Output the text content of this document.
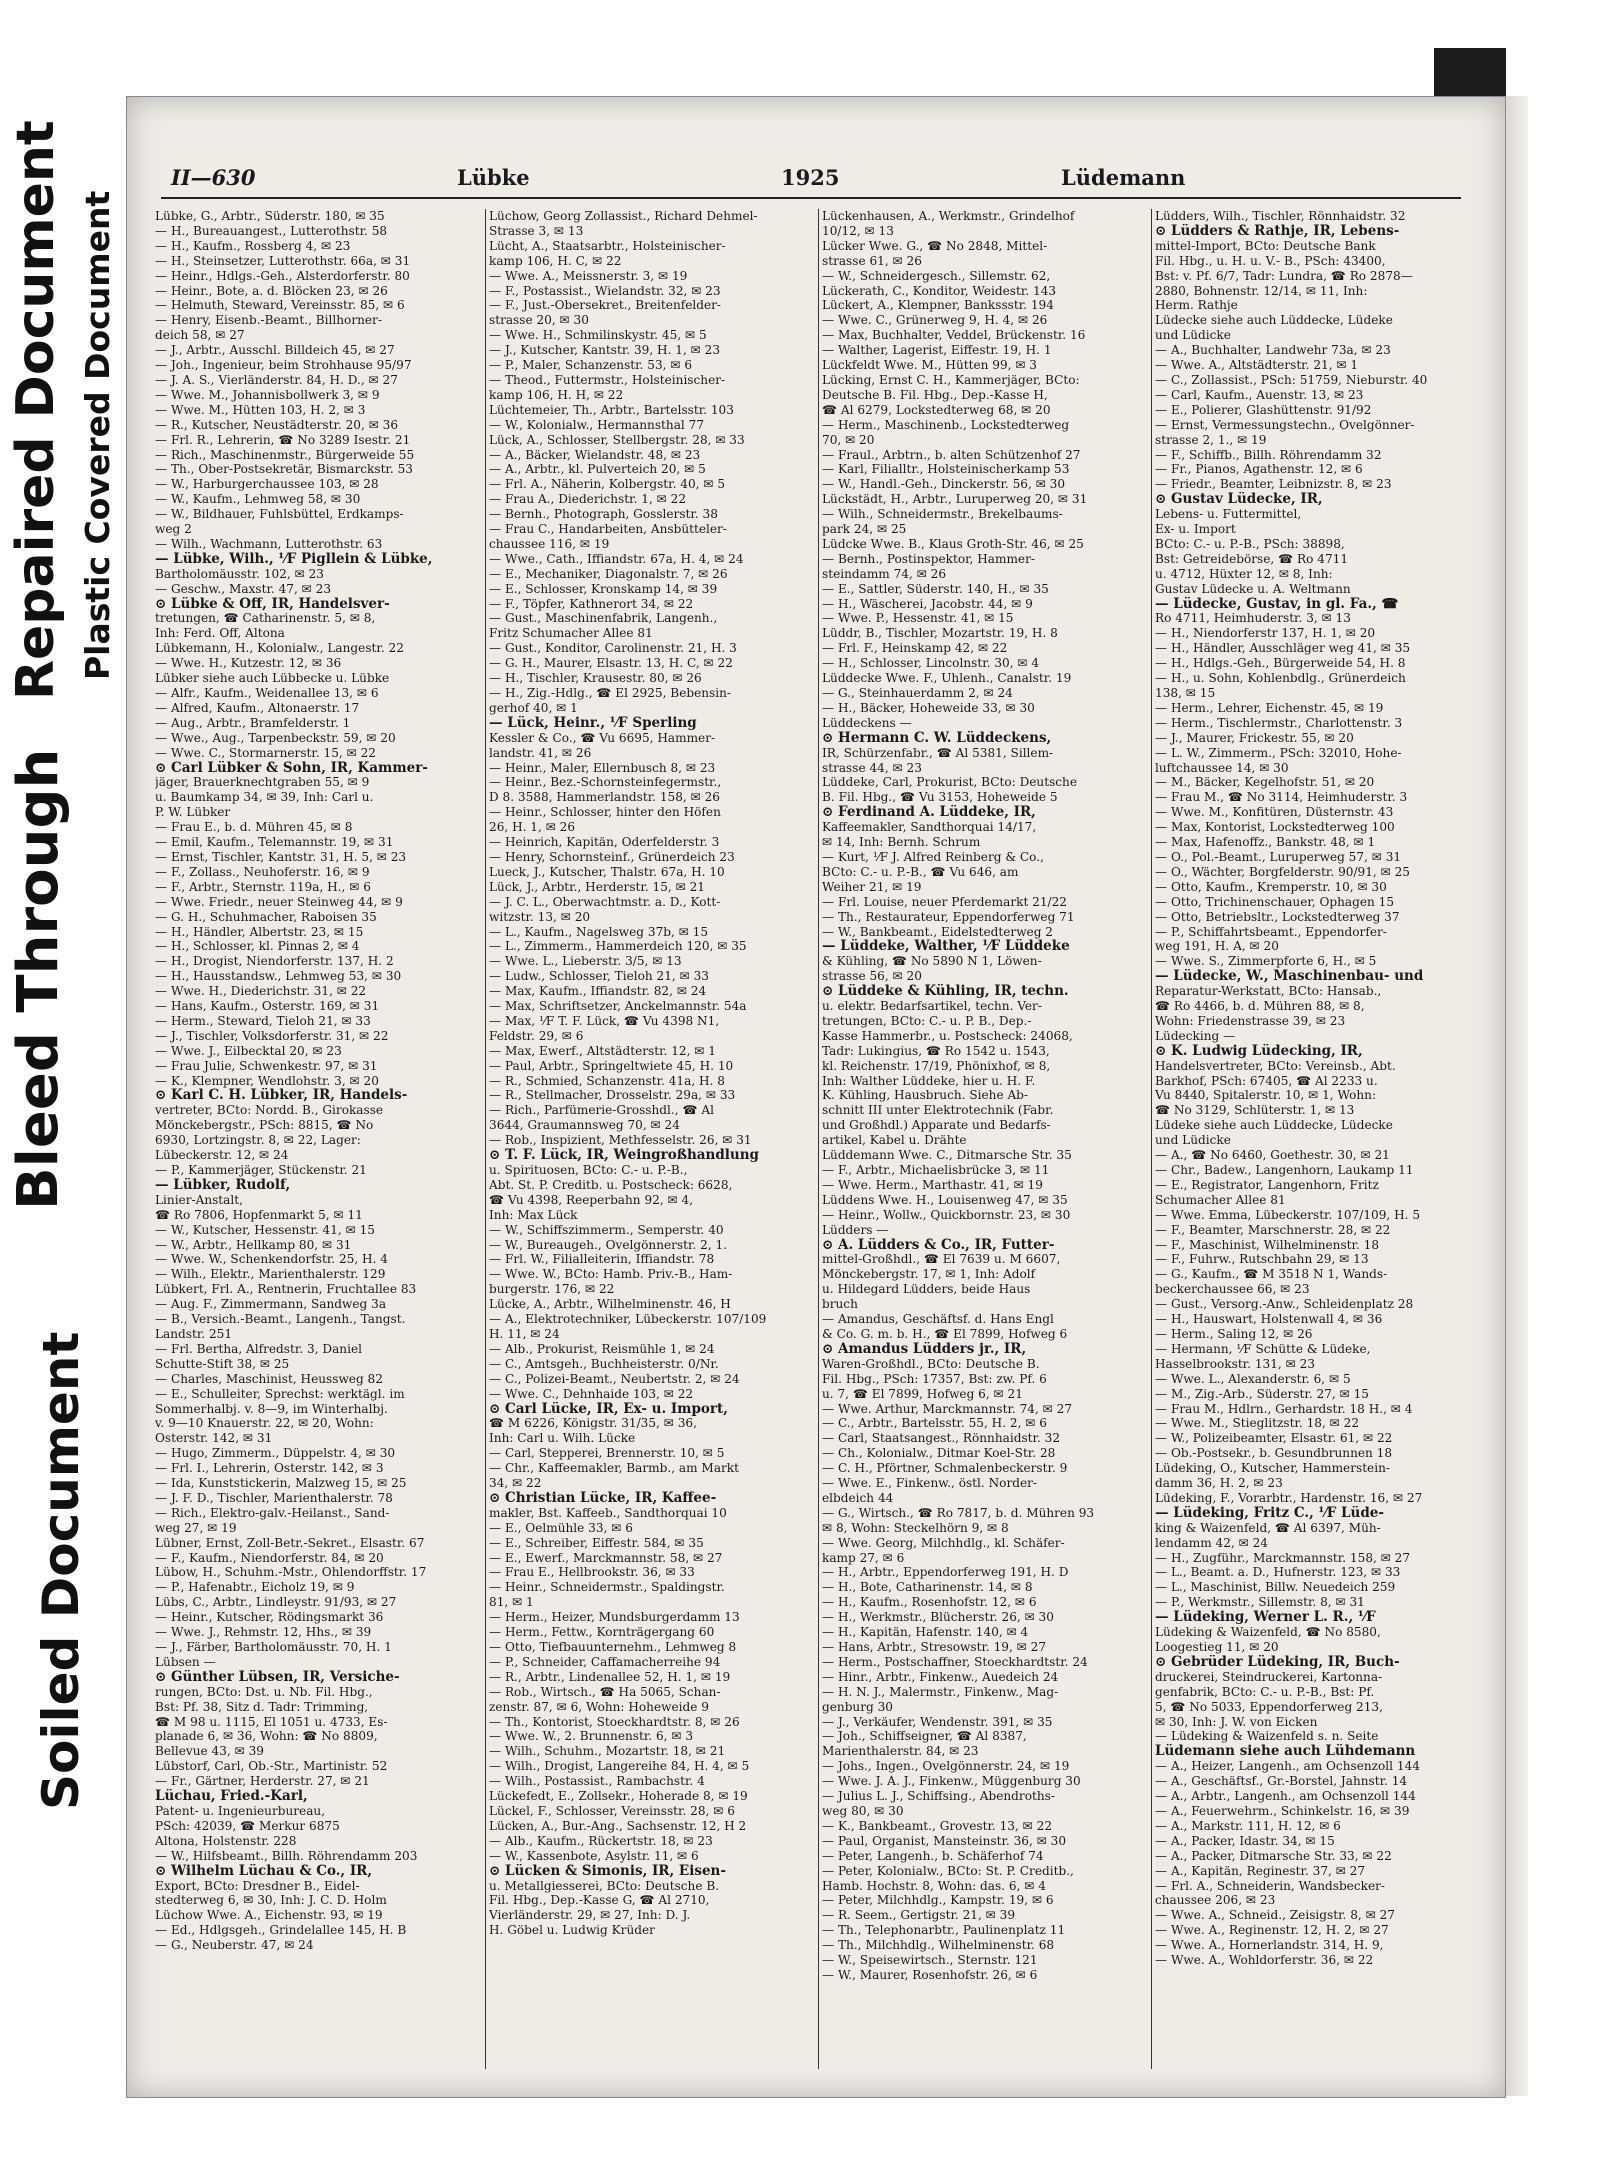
Repaired Document Plastic Covered Document
Bleed Through
Soiled Document
II—630	Lübke	1925	Lüdemann

Lübke, G., Arbtr., Süderstr. 180, ✉ 35

— H., Bureauangest., Lutterothstr. 58

— H., Kaufm., Rossberg 4, ✉ 23

— H., Steinsetzer, Lutterothstr. 66a, ✉ 31

— Heinr., Hdlgs.-Geh., Alsterdorferstr. 80

— Heinr., Bote, a. d. Blöcken 23, ✉ 26

— Helmuth, Steward, Vereinsstr. 85, ✉ 6

— Henry, Eisenb.-Beamt., Billhorner-

deich 58, ✉ 27

— J., Arbtr., Ausschl. Billdeich 45, ✉ 27

— Joh., Ingenieur, beim Strohhause 95/97

— J. A. S., Vierländerstr. 84, H. D., ✉ 27

— Wwe. M., Johannisbollwerk 3, ✉ 9

— Wwe. M., Hütten 103, H. 2, ✉ 3

— R., Kutscher, Neustädterstr. 20, ✉ 36

— Frl. R., Lehrerin, ☎ No 3289 Isestr. 21

— Rich., Maschinenmstr., Bürgerweide 55

— Th., Ober-Postsekretär, Bismarckstr. 53

— W., Harburgerchaussee 103, ✉ 28

— W., Kaufm., Lehmweg 58, ✉ 30

— W., Bildhauer, Fuhlsbüttel, Erdkamps-

weg 2

— Wilh., Wachmann, Lutterothstr. 63

— Lübke, Wilh., ⅟F Pigllein & Lübke,

Bartholomäusstr. 102, ✉ 23

— Geschw., Maxstr. 47, ✉ 23

⊙ Lübke & Off, IR, Handelsver-

tretungen, ☎ Catharinenstr. 5, ✉ 8,

Inh: Ferd. Off, Altona

Lübkemann, H., Kolonialw., Langestr. 22

— Wwe. H., Kutzestr. 12, ✉ 36

Lübker siehe auch Lübbecke u. Lübke

— Alfr., Kaufm., Weidenallee 13, ✉ 6

— Alfred, Kaufm., Altonaerstr. 17

— Aug., Arbtr., Bramfelderstr. 1

— Wwe., Aug., Tarpenbeckstr. 59, ✉ 20

— Wwe. C., Stormarnerstr. 15, ✉ 22

⊙ Carl Lübker & Sohn, IR, Kammer-

jäger, Brauerknechtgraben 55, ✉ 9

u. Baumkamp 34, ✉ 39, Inh: Carl u.

P. W. Lübker

— Frau E., b. d. Mühren 45, ✉ 8

— Emil, Kaufm., Telemannstr. 19, ✉ 31

— Ernst, Tischler, Kantstr. 31, H. 5, ✉ 23

— F., Zollass., Neuhoferstr. 16, ✉ 9

— F., Arbtr., Sternstr. 119a, H., ✉ 6

— Wwe. Friedr., neuer Steinweg 44, ✉ 9

— G. H., Schuhmacher, Raboisen 35

— H., Händler, Albertstr. 23, ✉ 15

— H., Schlosser, kl. Pinnas 2, ✉ 4

— H., Drogist, Niendorferstr. 137, H. 2

— H., Hausstandsw., Lehmweg 53, ✉ 30

— Wwe. H., Diederichstr. 31, ✉ 22

— Hans, Kaufm., Osterstr. 169, ✉ 31

— Herm., Steward, Tieloh 21, ✉ 33

— J., Tischler, Volksdorferstr. 31, ✉ 22

— Wwe. J., Eilbecktal 20, ✉ 23

— Frau Julie, Schwenkestr. 97, ✉ 31

— K., Klempner, Wendlohstr. 3, ✉ 20

⊙ Karl C. H. Lübker, IR, Handels-

vertreter, BCto: Nordd. B., Girokasse

Mönckebergstr., PSch: 8815, ☎ No

6930, Lortzingstr. 8, ✉ 22, Lager:

Lübeckerstr. 12, ✉ 24

— P., Kammerjäger, Stückenstr. 21

— Lübker, Rudolf,

Linier-Anstalt,

☎ Ro 7806, Hopfenmarkt 5, ✉ 11

— W., Kutscher, Hessenstr. 41, ✉ 15

— W., Arbtr., Hellkamp 80, ✉ 31

— Wwe. W., Schenkendorfstr. 25, H. 4

— Wilh., Elektr., Marienthalerstr. 129

Lübkert, Frl. A., Rentnerin, Fruchtallee 83

— Aug. F., Zimmermann, Sandweg 3a

— B., Versich.-Beamt., Langenh., Tangst.

Landstr. 251

— Frl. Bertha, Alfredstr. 3, Daniel

Schutte-Stift 38, ✉ 25

— Charles, Maschinist, Heussweg 82

— E., Schulleiter, Sprechst: werktägl. im

Sommerhalbj. v. 8—9, im Winterhalbj.

v. 9—10 Knauerstr. 22, ✉ 20, Wohn:

Osterstr. 142, ✉ 31

— Hugo, Zimmerm., Düppelstr. 4, ✉ 30

— Frl. I., Lehrerin, Osterstr. 142, ✉ 3

— Ida, Kunststickerin, Malzweg 15, ✉ 25

— J. F. D., Tischler, Marienthalerstr. 78

— Rich., Elektro-galv.-Heilanst., Sand-

weg 27, ✉ 19

Lübner, Ernst, Zoll-Betr.-Sekret., Elsastr. 67

— F., Kaufm., Niendorferstr. 84, ✉ 20

Lübow, H., Schuhm.-Mstr., Ohlendorffstr. 17

— P., Hafenabtr., Eicholz 19, ✉ 9

Lübs, C., Arbtr., Lindleystr. 91/93, ✉ 27

— Heinr., Kutscher, Rödingsmarkt 36

— Wwe. J., Rehmstr. 12, Hhs., ✉ 39

— J., Färber, Bartholomäusstr. 70, H. 1

Lübsen —

⊙ Günther Lübsen, IR, Versiche-

rungen, BCto: Dst. u. Nb. Fil. Hbg.,

Bst: Pf. 38, Sitz d. Tadr: Trimming,

☎ M 98 u. 1115, El 1051 u. 4733, Es-

planade 6, ✉ 36, Wohn: ☎ No 8809,

Bellevue 43, ✉ 39

Lübstorf, Carl, Ob.-Str., Martinistr. 52

— Fr., Gärtner, Herderstr. 27, ✉ 21

Lüchau, Fried.-Karl,

Patent- u. Ingenieurbureau,

PSch: 42039, ☎ Merkur 6875

Altona, Holstenstr. 228

— W., Hilfsbeamt., Billh. Röhrendamm 203

⊙ Wilhelm Lüchau & Co., IR,

Export, BCto: Dresdner B., Eidel-

stedterweg 6, ✉ 30, Inh: J. C. D. Holm

Lüchow Wwe. A., Eichenstr. 93, ✉ 19

— Ed., Hdlgsgeh., Grindelallee 145, H. B

— G., Neuberstr. 47, ✉ 24

Lüchow, Georg Zollassist., Richard Dehmel-

Strasse 3, ✉ 13

Lücht, A., Staatsarbtr., Holsteinischer-

kamp 106, H. C, ✉ 22

— Wwe. A., Meissnerstr. 3, ✉ 19

— F., Postassist., Wielandstr. 32, ✉ 23

— F., Just.-Obersekret., Breitenfelder-

strasse 20, ✉ 30

— Wwe. H., Schmilinskystr. 45, ✉ 5

— J., Kutscher, Kantstr. 39, H. 1, ✉ 23

— P., Maler, Schanzenstr. 53, ✉ 6

— Theod., Futtermstr., Holsteinischer-

kamp 106, H. H, ✉ 22

Lüchtemeier, Th., Arbtr., Bartelsstr. 103

— W., Kolonialw., Hermannsthal 77

Lück, A., Schlosser, Stellbergstr. 28, ✉ 33

— A., Bäcker, Wielandstr. 48, ✉ 23

— A., Arbtr., kl. Pulverteich 20, ✉ 5

— Frl. A., Näherin, Kolbergstr. 40, ✉ 5

— Frau A., Diederichstr. 1, ✉ 22

— Bernh., Photograph, Gosslerstr. 38

— Frau C., Handarbeiten, Ansbütteler-

chaussee 116, ✉ 19

— Wwe., Cath., Iffiandstr. 67a, H. 4, ✉ 24

— E., Mechaniker, Diagonalstr. 7, ✉ 26

— E., Schlosser, Kronskamp 14, ✉ 39

— F., Töpfer, Kathnerort 34, ✉ 22

— Gust., Maschinenfabrik, Langenh.,

Fritz Schumacher Allee 81

— Gust., Konditor, Carolinenstr. 21, H. 3

— G. H., Maurer, Elsastr. 13, H. C, ✉ 22

— H., Tischler, Krausestr. 80, ✉ 26

— H., Zig.-Hdlg., ☎ El 2925, Bebensin-

gerhof 40, ✉ 1

— Lück, Heinr., ⅟F Sperling

Kessler & Co., ☎ Vu 6695, Hammer-

landstr. 41, ✉ 26

— Heinr., Maler, Ellernbusch 8, ✉ 23

— Heinr., Bez.-Schornsteinfegermstr.,

D 8. 3588, Hammerlandstr. 158, ✉ 26

— Heinr., Schlosser, hinter den Höfen

26, H. 1, ✉ 26

— Heinrich, Kapitän, Oderfelderstr. 3

— Henry, Schornsteinf., Grünerdeich 23

Lueck, J., Kutscher, Thalstr. 67a, H. 10

Lück, J., Arbtr., Herderstr. 15, ✉ 21

— J. C. L., Oberwachtmstr. a. D., Kott-

witzstr. 13, ✉ 20

— L., Kaufm., Nagelsweg 37b, ✉ 15

— L., Zimmerm., Hammerdeich 120, ✉ 35

— Wwe. L., Lieberstr. 3/5, ✉ 13

— Ludw., Schlosser, Tieloh 21, ✉ 33

— Max, Kaufm., Iffiandstr. 82, ✉ 24

— Max, Schriftsetzer, Anckelmannstr. 54a

— Max, ⅟F T. F. Lück, ☎ Vu 4398 N1,

Feldstr. 29, ✉ 6

— Max, Ewerf., Altstädterstr. 12, ✉ 1

— Paul, Arbtr., Springeltwiete 45, H. 10

— R., Schmied, Schanzenstr. 41a, H. 8

— R., Stellmacher, Drosselstr. 29a, ✉ 33

— Rich., Parfümerie-Grosshdl., ☎ Al

3644, Graumannsweg 70, ✉ 24

— Rob., Inspizient, Methfesselstr. 26, ✉ 31

⊙ T. F. Lück, IR, Weingroßhandlung

u. Spirituosen, BCto: C.- u. P.-B.,

Abt. St. P. Creditb. u. Postscheck: 6628,

☎ Vu 4398, Reeperbahn 92, ✉ 4,

Inh: Max Lück

— W., Schiffszimmerm., Semperstr. 40

— W., Bureaugeh., Ovelgönnerstr. 2, 1.

— Frl. W., Filialleiterin, Iffiandstr. 78

— Wwe. W., BCto: Hamb. Priv.-B., Ham-

burgerstr. 176, ✉ 22

Lücke, A., Arbtr., Wilhelminenstr. 46, H

— A., Elektrotechniker, Lübeckerstr. 107/109

H. 11, ✉ 24

— Alb., Prokurist, Reismühle 1, ✉ 24

— C., Amtsgeh., Buchheisterstr. 0/Nr.

— C., Polizei-Beamt., Neubertstr. 2, ✉ 24

— Wwe. C., Dehnhaide 103, ✉ 22

⊙ Carl Lücke, IR, Ex- u. Import,

☎ M 6226, Königstr. 31/35, ✉ 36,

Inh: Carl u. Wilh. Lücke

— Carl, Stepperei, Brennerstr. 10, ✉ 5

— Chr., Kaffeemakler, Barmb., am Markt

34, ✉ 22

⊙ Christian Lücke, IR, Kaffee-

makler, Bst. Kaffeeb., Sandthorquai 10

— E., Oelmühle 33, ✉ 6

— E., Schreiber, Eiffestr. 584, ✉ 35

— E., Ewerf., Marckmannstr. 58, ✉ 27

— Frau E., Hellbrookstr. 36, ✉ 33

— Heinr., Schneidermstr., Spaldingstr.

81, ✉ 1

— Herm., Heizer, Mundsburgerdamm 13

— Herm., Fettw., Kornträgergang 60

— Otto, Tiefbauunternehm., Lehmweg 8

— P., Schneider, Caffamacherreihe 94

— R., Arbtr., Lindenallee 52, H. 1, ✉ 19

— Rob., Wirtsch., ☎ Ha 5065, Schan-

zenstr. 87, ✉ 6, Wohn: Hoheweide 9

— Th., Kontorist, Stoeckhardtstr. 8, ✉ 26

— Wwe. W., 2. Brunnenstr. 6, ✉ 3

— Wilh., Schuhm., Mozartstr. 18, ✉ 21

— Wilh., Drogist, Langereihe 84, H. 4, ✉ 5

— Wilh., Postassist., Rambachstr. 4

Lückefedt, E., Zollsekr., Hoherade 8, ✉ 19

Lückel, F., Schlosser, Vereinsstr. 28, ✉ 6

Lücken, A., Bur.-Ang., Sachsenstr. 12, H 2

— Alb., Kaufm., Rückertstr. 18, ✉ 23

— W., Kassenbote, Asylstr. 11, ✉ 6

⊙ Lücken & Simonis, IR, Eisen-

u. Metallgiesserei, BCto: Deutsche B.

Fil. Hbg., Dep.-Kasse G, ☎ Al 2710,

Vierländerstr. 29, ✉ 27, Inh: D. J.

H. Göbel u. Ludwig Krüder

Lückenhausen, A., Werkmstr., Grindelhof

10/12, ✉ 13

Lücker Wwe. G., ☎ No 2848, Mittel-

strasse 61, ✉ 26

— W., Schneidergesch., Sillemstr. 62,

Lückerath, C., Konditor, Weidestr. 143

Lückert, A., Klempner, Bankssstr. 194

— Wwe. C., Grünerweg 9, H. 4, ✉ 26

— Max, Buchhalter, Veddel, Brückenstr. 16

— Walther, Lagerist, Eiffestr. 19, H. 1

Lückfeldt Wwe. M., Hütten 99, ✉ 3

Lücking, Ernst C. H., Kammerjäger, BCto:

Deutsche B. Fil. Hbg., Dep.-Kasse H,

☎ Al 6279, Lockstedterweg 68, ✉ 20

— Herm., Maschinenb., Lockstedterweg

70, ✉ 20

— Fraul., Arbtrn., b. alten Schützenhof 27

— Karl, Filialltr., Holsteinischerkamp 53

— W., Handl.-Geh., Dinckerstr. 56, ✉ 30

Lückstädt, H., Arbtr., Luruperweg 20, ✉ 31

— Wilh., Schneidermstr., Brekelbaums-

park 24, ✉ 25

Lüdcke Wwe. B., Klaus Groth-Str. 46, ✉ 25

— Bernh., Postinspektor, Hammer-

steindamm 74, ✉ 26

— E., Sattler, Süderstr. 140, H., ✉ 35

— H., Wäscherei, Jacobstr. 44, ✉ 9

— Wwe. P., Hessenstr. 41, ✉ 15

Lüddr, B., Tischler, Mozartstr. 19, H. 8

— Frl. F., Heinskamp 42, ✉ 22

— H., Schlosser, Lincolnstr. 30, ✉ 4

Lüddecke Wwe. F., Uhlenh., Canalstr. 19

— G., Steinhauerdamm 2, ✉ 24

— H., Bäcker, Hoheweide 33, ✉ 30

Lüddeckens —

⊙ Hermann C. W. Lüddeckens,

IR, Schürzenfabr., ☎ Al 5381, Sillem-

strasse 44, ✉ 23

Lüddeke, Carl, Prokurist, BCto: Deutsche

B. Fil. Hbg., ☎ Vu 3153, Hoheweide 5

⊙ Ferdinand A. Lüddeke, IR,

Kaffeemakler, Sandthorquai 14/17,

✉ 14, Inh: Bernh. Schrum

— Kurt, ⅟F J. Alfred Reinberg & Co.,

BCto: C.- u. P.-B., ☎ Vu 646, am

Weiher 21, ✉ 19

— Frl. Louise, neuer Pferdemarkt 21/22

— Th., Restaurateur, Eppendorferweg 71

— W., Bankbeamt., Eidelstedterweg 2

— Lüddeke, Walther, ⅟F Lüddeke

& Kühling, ☎ No 5890 N 1, Löwen-

strasse 56, ✉ 20

⊙ Lüddeke & Kühling, IR, techn.

u. elektr. Bedarfsartikel, techn. Ver-

tretungen, BCto: C.- u. P. B., Dep.-

Kasse Hammerbr., u. Postscheck: 24068,

Tadr: Lukingius, ☎ Ro 1542 u. 1543,

kl. Reichenstr. 17/19, Phönixhof, ✉ 8,

Inh: Walther Lüddeke, hier u. H. F.

K. Kühling, Hausbruch. Siehe Ab-

schnitt III unter Elektrotechnik (Fabr.

und Großhdl.) Apparate und Bedarfs-

artikel, Kabel u. Drähte

Lüddemann Wwe. C., Ditmarsche Str. 35

— F., Arbtr., Michaelisbrücke 3, ✉ 11

— Wwe. Herm., Marthastr. 41, ✉ 19

Lüddens Wwe. H., Louisenweg 47, ✉ 35

— Heinr., Wollw., Quickbornstr. 23, ✉ 30

Lüdders —

⊙ A. Lüdders & Co., IR, Futter-

mittel-Großhdl., ☎ El 7639 u. M 6607,

Mönckebergstr. 17, ✉ 1, Inh: Adolf

u. Hildegard Lüdders, beide Haus

bruch

— Amandus, Geschäftsf. d. Hans Engl

& Co. G. m. b. H., ☎ El 7899, Hofweg 6

⊙ Amandus Lüdders jr., IR,

Waren-Großhdl., BCto: Deutsche B.

Fil. Hbg., PSch: 17357, Bst: zw. Pf. 6

u. 7, ☎ El 7899, Hofweg 6, ✉ 21

— Wwe. Arthur, Marckmannstr. 74, ✉ 27

— C., Arbtr., Bartelsstr. 55, H. 2, ✉ 6

— Carl, Staatsangest., Rönnhaidstr. 32

— Ch., Kolonialw., Ditmar Koel-Str. 28

— C. H., Pförtner, Schmalenbeckerstr. 9

— Wwe. E., Finkenw., östl. Norder-

elbdeich 44

— G., Wirtsch., ☎ Ro 7817, b. d. Mühren 93

✉ 8, Wohn: Steckelhörn 9, ✉ 8

— Wwe. Georg, Milchhdlg., kl. Schäfer-

kamp 27, ✉ 6

— H., Arbtr., Eppendorferweg 191, H. D

— H., Bote, Catharinenstr. 14, ✉ 8

— H., Kaufm., Rosenhofstr. 12, ✉ 6

— H., Werkmstr., Blücherstr. 26, ✉ 30

— H., Kapitän, Hafenstr. 140, ✉ 4

— Hans, Arbtr., Stresowstr. 19, ✉ 27

— Herm., Postschaffner, Stoeckhardtstr. 24

— Hinr., Arbtr., Finkenw., Auedeich 24

— H. N. J., Malermstr., Finkenw., Mag-

genburg 30

— J., Verkäufer, Wendenstr. 391, ✉ 35

— Joh., Schiffseigner, ☎ Al 8387,

Marienthalerstr. 84, ✉ 23

— Johs., Ingen., Ovelgönnerstr. 24, ✉ 19

— Wwe. J. A. J., Finkenw., Müggenburg 30

— Julius L. J., Schiffsing., Abendroths-

weg 80, ✉ 30

— K., Bankbeamt., Grovestr. 13, ✉ 22

— Paul, Organist, Mansteinstr. 36, ✉ 30

— Peter, Langenh., b. Schäferhof 74

— Peter, Kolonialw., BCto: St. P. Creditb.,

Hamb. Hochstr. 8, Wohn: das. 6, ✉ 4

— Peter, Milchhdlg., Kampstr. 19, ✉ 6

— R. Seem., Gertigstr. 21, ✉ 39

— Th., Telephonarbtr., Paulinenplatz 11

— Th., Milchhdlg., Wilhelminenstr. 68

— W., Speisewirtsch., Sternstr. 121

— W., Maurer, Rosenhofstr. 26, ✉ 6

Lüdders, Wilh., Tischler, Rönnhaidstr. 32

⊙ Lüdders & Rathje, IR, Lebens-

mittel-Import, BCto: Deutsche Bank

Fil. Hbg., u. H. u. V.- B., PSch: 43400,

Bst: v. Pf. 6/7, Tadr: Lundra, ☎ Ro 2878—

2880, Bohnenstr. 12/14, ✉ 11, Inh:

Herm. Rathje

Lüdecke siehe auch Lüddecke, Lüdeke

und Lüdicke

— A., Buchhalter, Landwehr 73a, ✉ 23

— Wwe. A., Altstädterstr. 21, ✉ 1

— C., Zollassist., PSch: 51759, Nieburstr. 40

— Carl, Kaufm., Auenstr. 13, ✉ 23

— E., Polierer, Glashüttenstr. 91/92

— Ernst, Vermessungstechn., Ovelgönner-

strasse 2, 1., ✉ 19

— F., Schiffb., Billh. Röhrendamm 32

— Fr., Pianos, Agathenstr. 12, ✉ 6

— Friedr., Beamter, Leibnizstr. 8, ✉ 23

⊙ Gustav Lüdecke, IR,

Lebens- u. Futtermittel,

Ex- u. Import

BCto: C.- u. P.-B., PSch: 38898,

Bst: Getreidebörse, ☎ Ro 4711

u. 4712, Hüxter 12, ✉ 8, Inh:

Gustav Lüdecke u. A. Weltmann

— Lüdecke, Gustav, in gl. Fa., ☎

Ro 4711, Heimhuderstr. 3, ✉ 13

— H., Niendorferstr 137, H. 1, ✉ 20

— H., Händler, Ausschläger weg 41, ✉ 35

— H., Hdlgs.-Geh., Bürgerweide 54, H. 8

— H., u. Sohn, Kohlenbdlg., Grünerdeich

138, ✉ 15

— Herm., Lehrer, Eichenstr. 45, ✉ 19

— Herm., Tischlermstr., Charlottenstr. 3

— J., Maurer, Frickestr. 55, ✉ 20

— L. W., Zimmerm., PSch: 32010, Hohe-

luftchaussee 14, ✉ 30

— M., Bäcker, Kegelhofstr. 51, ✉ 20

— Frau M., ☎ No 3114, Heimhuderstr. 3

— Wwe. M., Konfitüren, Düsternstr. 43

— Max, Kontorist, Lockstedterweg 100

— Max, Hafenoffz., Bankstr. 48, ✉ 1

— O., Pol.-Beamt., Luruperweg 57, ✉ 31

— O., Wächter, Borgfelderstr. 90/91, ✉ 25

— Otto, Kaufm., Kremperstr. 10, ✉ 30

— Otto, Trichinenschauer, Ophagen 15

— Otto, Betriebsltr., Lockstedterweg 37

— P., Schiffahrtsbeamt., Eppendorfer-

weg 191, H. A, ✉ 20

— Wwe. S., Zimmerpforte 6, H., ✉ 5

— Lüdecke, W., Maschinenbau- und

Reparatur-Werkstatt, BCto: Hansab.,

☎ Ro 4466, b. d. Mühren 88, ✉ 8,

Wohn: Friedenstrasse 39, ✉ 23

Lüdecking —

⊙ K. Ludwig Lüdecking, IR,

Handelsvertreter, BCto: Vereinsb., Abt.

Barkhof, PSch: 67405, ☎ Al 2233 u.

Vu 8440, Spitalerstr. 10, ✉ 1, Wohn:

☎ No 3129, Schlüterstr. 1, ✉ 13

Lüdeke siehe auch Lüddecke, Lüdecke

und Lüdicke

— A., ☎ No 6460, Goethestr. 30, ✉ 21

— Chr., Badew., Langenhorn, Laukamp 11

— E., Registrator, Langenhorn, Fritz

Schumacher Allee 81

— Wwe. Emma, Lübeckerstr. 107/109, H. 5

— F., Beamter, Marschnerstr. 28, ✉ 22

— F., Maschinist, Wilhelminenstr. 18

— F., Fuhrw., Rutschbahn 29, ✉ 13

— G., Kaufm., ☎ M 3518 N 1, Wands-

beckerchaussee 66, ✉ 23

— Gust., Versorg.-Anw., Schleidenplatz 28

— H., Hauswart, Holstenwall 4, ✉ 36

— Herm., Saling 12, ✉ 26

— Hermann, ⅟F Schütte & Lüdeke,

Hasselbrookstr. 131, ✉ 23

— Wwe. L., Alexanderstr. 6, ✉ 5

— M., Zig.-Arb., Süderstr. 27, ✉ 15

— Frau M., Hdlrn., Gerhardstr. 18 H., ✉ 4

— Wwe. M., Stieglitzstr. 18, ✉ 22

— W., Polizeibeamter, Elsastr. 61, ✉ 22

— Ob.-Postsekr., b. Gesundbrunnen 18

Lüdeking, O., Kutscher, Hammerstein-

damm 36, H. 2, ✉ 23

Lüdeking, F., Vorarbtr., Hardenstr. 16, ✉ 27

— Lüdeking, Fritz C., ⅟F Lüde-

king & Waizenfeld, ☎ Al 6397, Müh-

lendamm 42, ✉ 24

— H., Zugführ., Marckmannstr. 158, ✉ 27

— L., Beamt. a. D., Hufnerstr. 123, ✉ 33

— L., Maschinist, Billw. Neuedeich 259

— P., Werkmstr., Sillemstr. 8, ✉ 31

— Lüdeking, Werner L. R., ⅟F

Lüdeking & Waizenfeld, ☎ No 8580,

Loogestieg 11, ✉ 20

⊙ Gebrüder Lüdeking, IR, Buch-

druckerei, Steindruckerei, Kartonna-

genfabrik, BCto: C.- u. P.-B., Bst: Pf.

5, ☎ No 5033, Eppendorferweg 213,

✉ 30, Inh: J. W. von Eicken

— Lüdeking & Waizenfeld s. n. Seite

Lüdemann siehe auch Lühdemann

— A., Heizer, Langenh., am Ochsenzoll 144

— A., Geschäftsf., Gr.-Borstel, Jahnstr. 14

— A., Arbtr., Langenh., am Ochsenzoll 144

— A., Feuerwehrm., Schinkelstr. 16, ✉ 39

— A., Markstr. 111, H. 12, ✉ 6

— A., Packer, Idastr. 34, ✉ 15

— A., Packer, Ditmarsche Str. 33, ✉ 22

— A., Kapitän, Reginestr. 37, ✉ 27

— Frl. A., Schneiderin, Wandsbecker-

chaussee 206, ✉ 23

— Wwe. A., Schneid., Zeisigstr. 8, ✉ 27

— Wwe. A., Reginenstr. 12, H. 2, ✉ 27

— Wwe. A., Hornerlandstr. 314, H. 9,

— Wwe. A., Wohldorferstr. 36, ✉ 22
